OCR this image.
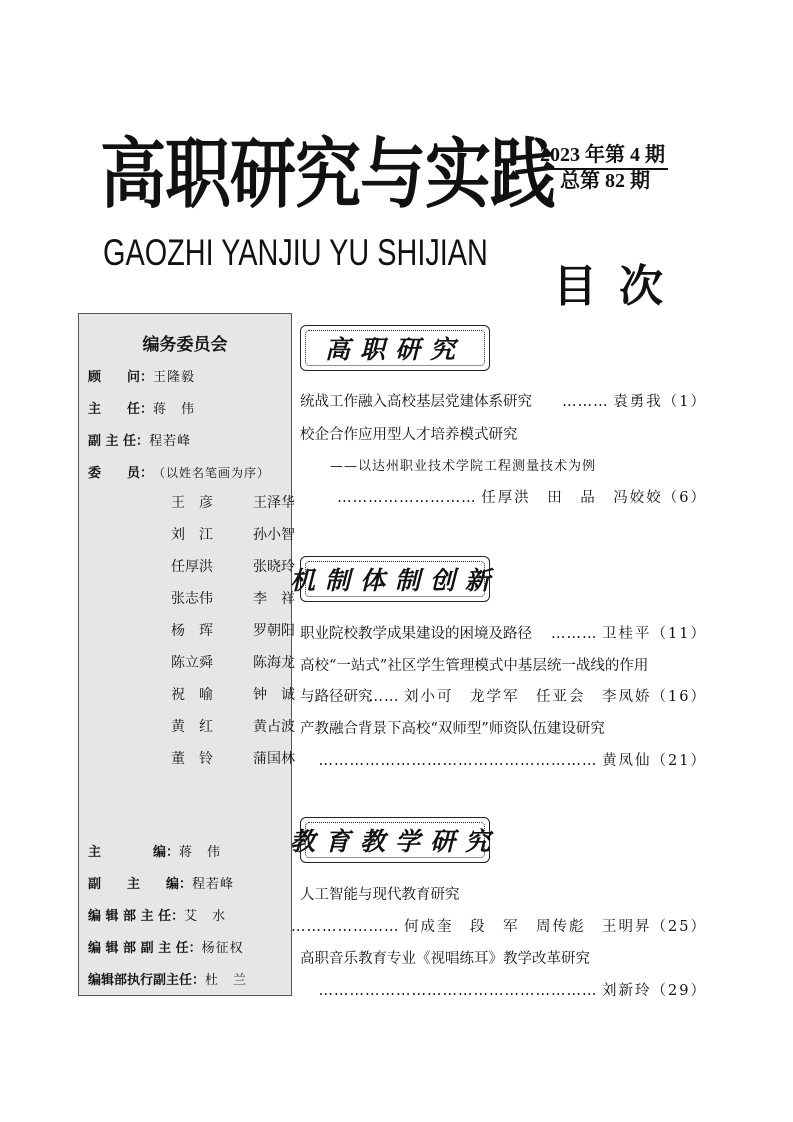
高职研究与实践
GAOZHI YANJIU YU SHIJIAN
2023 年第 4 期
总第 82 期
目次
编务委员会
顾　　问： 王隆毅
主　　任： 蒋　伟
副 主 任： 程若峰
委　　员： （以姓名笔画为序）
王　彦	王泽华
刘　江	孙小智
任厚洪	张晓玲
张志伟	李　祥
杨　珲	罗朝阳
陈立舜	陈海龙
祝　喻	钟　诚
黄　红	黄占波
董　铃	蒲国林
主　　　　编： 蒋　伟
副　　主　　编： 程若峰
编 辑 部 主 任： 艾　水
编 辑 部 副 主 任： 杨征权
编辑部执行副主任： 杜　兰
高职研究
统战工作融入高校基层党建体系研究 ……… 袁勇我（1）
校企合作应用型人才培养模式研究
——以达州职业技术学院工程测量技术为例
……………………… 任厚洪　田　品　冯姣姣（6）
机制体制创新
职业院校教学成果建设的困境及路径 ……… 卫桂平（11）
高校“一站式”社区学生管理模式中基层统一战线的作用
与路径研究
…… 刘小可　龙学军　任亚会　李凤娇（16）
产教融合背景下高校“双师型”师资队伍建设研究
……………………………………………… 黄凤仙（21）
教育教学研究
人工智能与现代教育研究
………………… 何成奎　段　军　周传彪　王明昇（25）
高职音乐教育专业《视唱练耳》教学改革研究
……………………………………………… 刘新玲（29）
